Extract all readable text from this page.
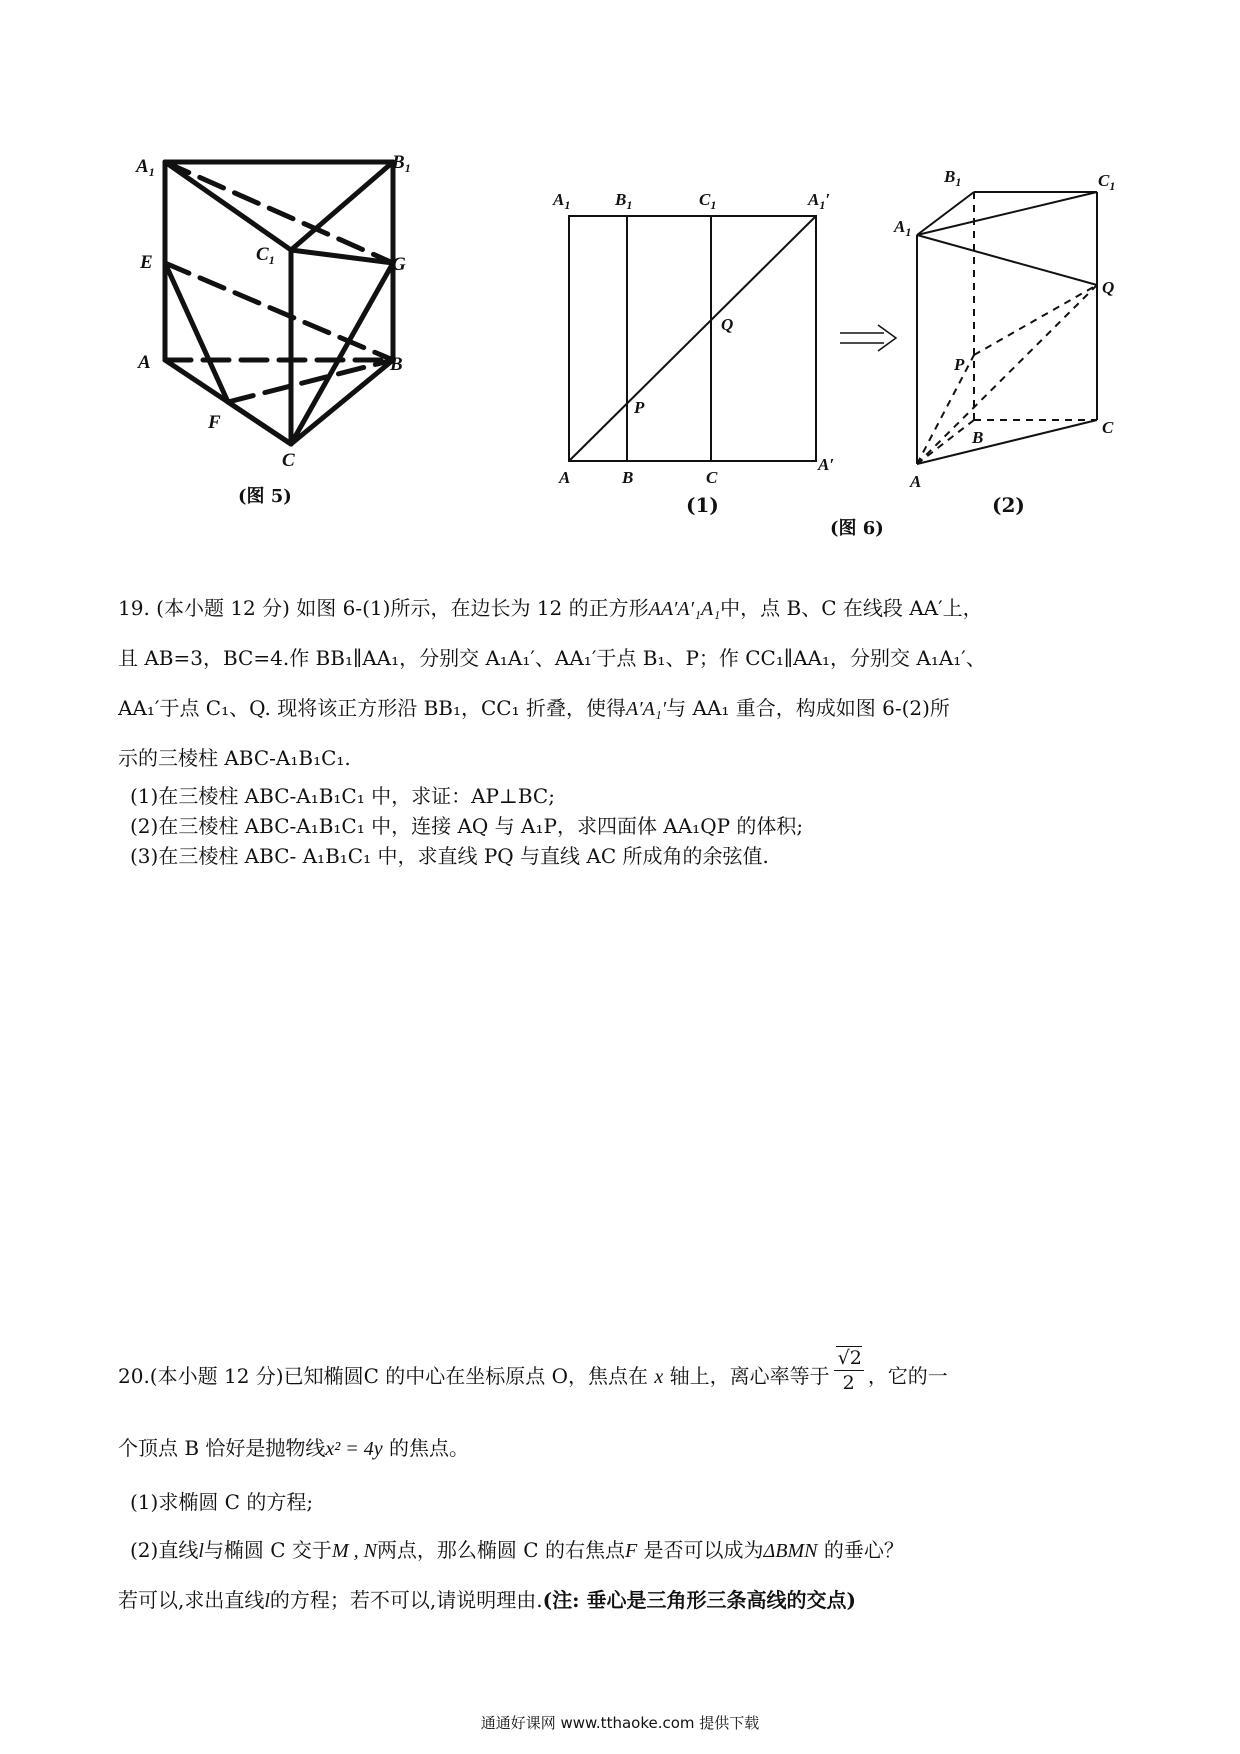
$A_1$	$B_1$
$C_1$
E	G
A	B
F
C
(图 5)
$A_1$	$B_1$	$C_1$	$A_1'$
Q
P
A	B	C
A′
(1)
$B_1$	$C_1$
$A_1$
Q
P
B
C
A
(2)
(图 6)
19. (本小题 12 分) 如图 6-(1)所示，在边长为 12 的正方形AA′A′₁A₁中，点 B、C 在线段 AA′上，
且 AB=3，BC=4.作 BB₁∥AA₁，分别交 A₁A₁′、AA₁′于点 B₁、P；作 CC₁∥AA₁，分别交 A₁A₁′、
AA₁′于点 C₁、Q. 现将该正方形沿 BB₁，CC₁ 折叠，使得A′A₁′与 AA₁ 重合，构成如图 6-(2)所
示的三棱柱 ABC-A₁B₁C₁.
(1)在三棱柱 ABC-A₁B₁C₁ 中，求证：AP⊥BC;
(2)在三棱柱 ABC-A₁B₁C₁ 中，连接 AQ 与 A₁P，求四面体 AA₁QP 的体积;
(3)在三棱柱 ABC- A₁B₁C₁ 中，求直线 PQ 与直线 AC 所成角的余弦值.
20.(本小题 12 分)已知椭圆C 的中心在坐标原点 O，焦点在 x 轴上，离心率等于 $\frac{√2}{2}$ ，它的一
个顶点 B 恰好是抛物线x² = 4y 的焦点。
(1)求椭圆 C 的方程;
(2)直线l与椭圆 C 交于M , N两点，那么椭圆 C 的右焦点F 是否可以成为ΔBMN 的垂心？
若可以,求出直线l的方程；若不可以,请说明理由.(注: 垂心是三角形三条高线的交点)
通通好课网 www.tthaoke.com 提供下载
